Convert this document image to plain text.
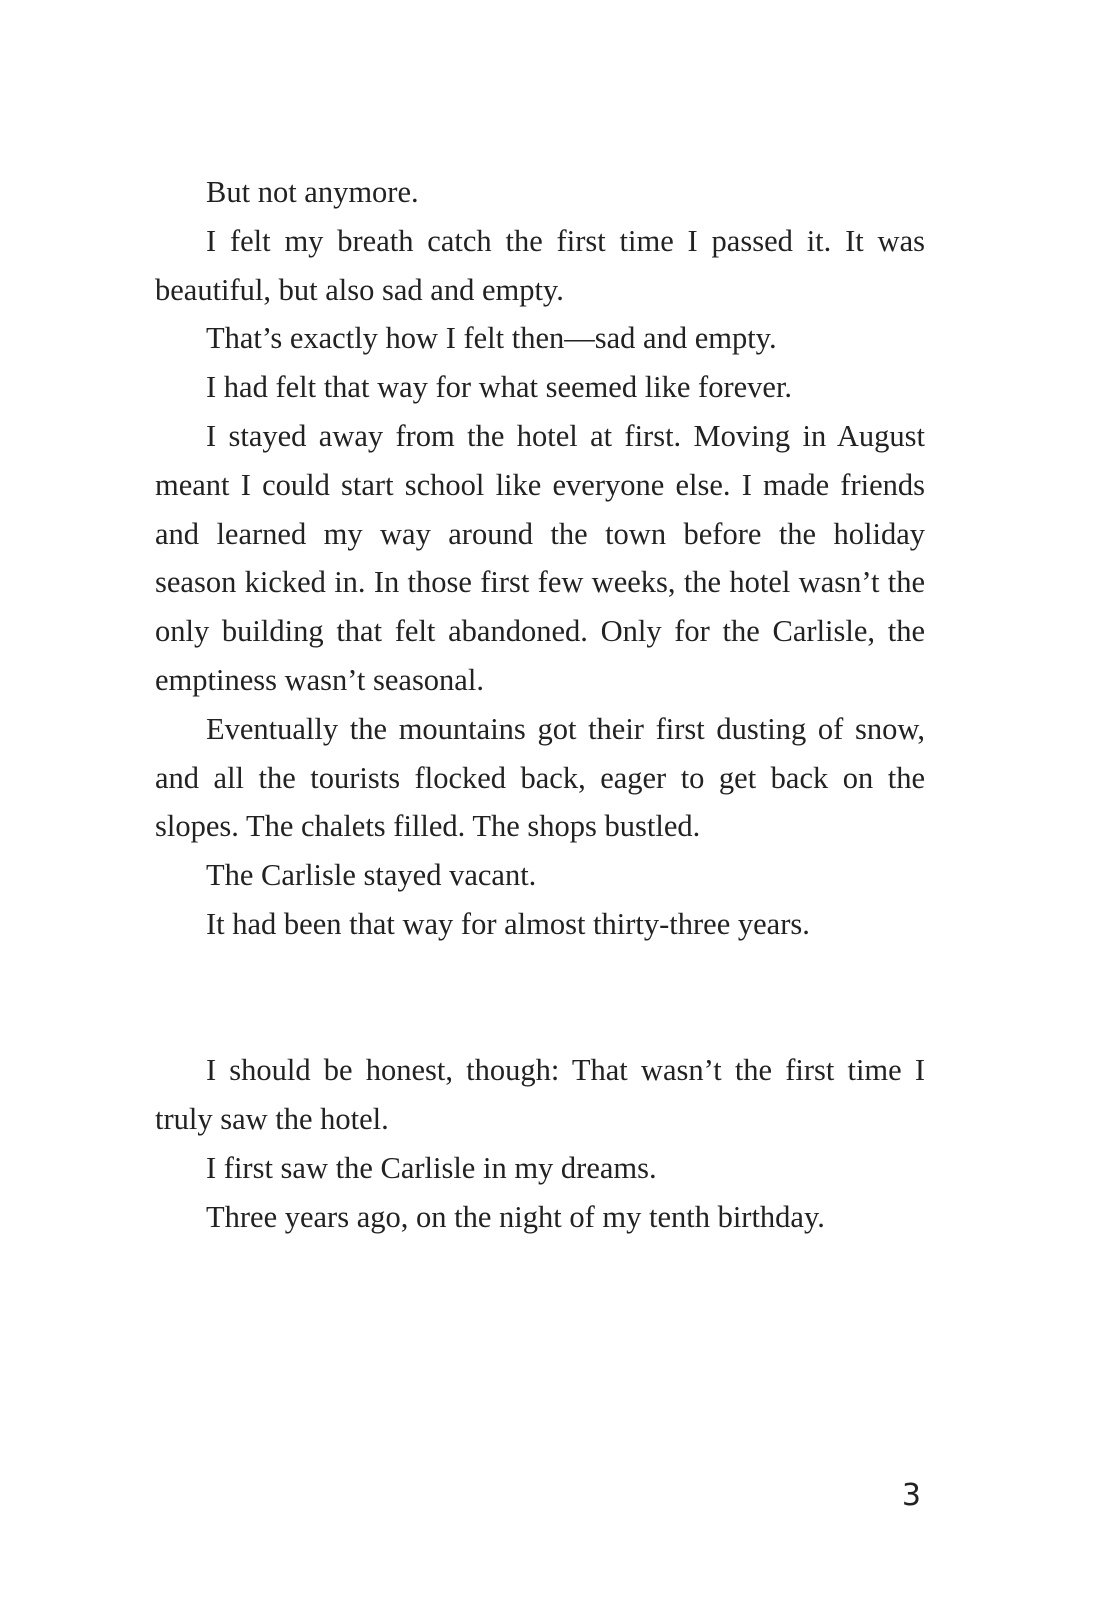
But not anymore.

I felt my breath catch the first time I passed it. It was beautiful, but also sad and empty.

That’s exactly how I felt then—sad and empty.

I had felt that way for what seemed like forever.

I stayed away from the hotel at first. Moving in August meant I could start school like everyone else. I made friends and learned my way around the town before the holiday season kicked in. In those first few weeks, the hotel wasn’t the only building that felt abandoned. Only for the Carlisle, the emptiness wasn’t seasonal.

Eventually the mountains got their first dusting of snow, and all the tourists flocked back, eager to get back on the slopes. The chalets filled. The shops bustled.

The Carlisle stayed vacant.

It had been that way for almost thirty-three years.

I should be honest, though: That wasn’t the first time I truly saw the hotel.

I first saw the Carlisle in my dreams.

Three years ago, on the night of my tenth birthday.

3
